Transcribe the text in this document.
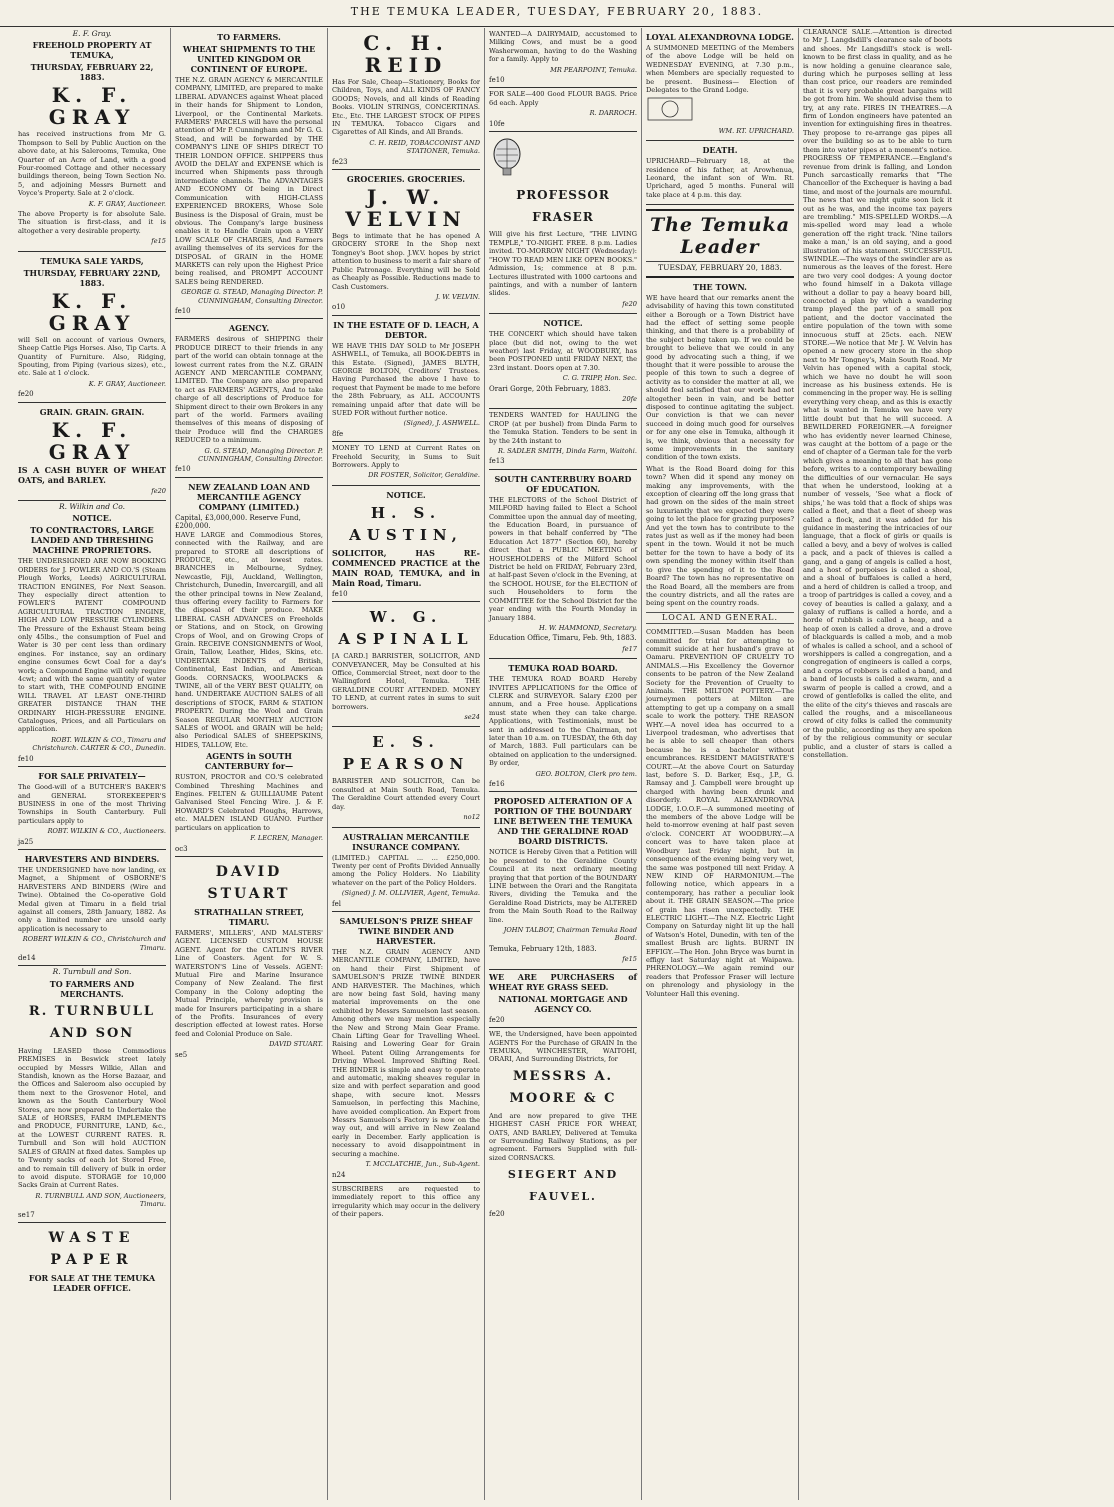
THE TEMUKA LEADER, TUESDAY, FEBRUARY 20, 1883.
E. F. Gray.
FREEHOLD PROPERTY AT TEMUKA,
THURSDAY, FEBRUARY 22, 1883.
K. F. GRAY

has received instructions from Mr G. Thompson to Sell by Public Auction on the above date, at his Salerooms, Temuka, One Quarter of an Acre of Land, with a good Four-roomed Cottage and other necessary buildings thereon, being Town Section No. 5, and adjoining Messrs Burnett and Voyce's Property. Sale at 2 o'clock.

K. F. GRAY, Auctioneer.

The above Property is for absolute Sale. The situation is first-class, and it is altogether a very desirable property.

fe15
TEMUKA SALE YARDS,
THURSDAY, FEBRUARY 22ND, 1883.
K. F. GRAY

will Sell on account of various Owners, Sheep Cattle Pigs Horses. Also, Tip Carts. A Quantity of Furniture. Also, Ridging, Spouting, from Piping (various sizes), etc., etc. Sale at 1 o'clock.

K. F. GRAY, Auctioneer.
fe20
GRAIN. GRAIN. GRAIN.
K. F. GRAY

IS A CASH BUYER OF WHEAT OATS, and BARLEY.

fe20
R. Wilkin and Co.
NOTICE.
TO CONTRACTORS, LARGE LANDED AND THRESHING MACHINE PROPRIETORS.

THE UNDERSIGNED ARE NOW BOOKING ORDERS for J. FOWLER AND CO.'S (Steam Plough Works, Leeds) AGRICULTURAL TRACTION ENGINES, For Next Season. They especially direct attention to FOWLER'S PATENT COMPOUND AGRICULTURAL TRACTION ENGINE, HIGH AND LOW PRESSURE CYLINDERS. The Pressure of the Exhaust Steam being only 45lbs., the consumption of Fuel and Water is 30 per cent less than ordinary engines. For instance, say an ordinary engine consumes 6cwt Coal for a day's work; a Compound Engine will only require 4cwt; and with the same quantity of water to start with, THE COMPOUND ENGINE WILL TRAVEL AT LEAST ONE-THIRD GREATER DISTANCE THAN THE ORDINARY HIGH-PRESSURE ENGINE. Catalogues, Prices, and all Particulars on application.

ROBT. WILKIN & CO., Timaru and Christchurch. CARTER & CO., Dunedin.
fe10
FOR SALE PRIVATELY—

The Good-will of a BUTCHER'S BAKER'S and GENERAL STOREKEEPER'S BUSINESS in one of the most Thriving Townships in South Canterbury. Full particulars apply to

ROBT. WILKIN & CO., Auctioneers.
ja25
HARVESTERS AND BINDERS.

THE UNDERSIGNED have now landing, ex Magnet, a Shipment of OSBORNE'S HARVESTERS AND BINDERS (Wire and Twine). Obtained the Co-operative Gold Medal given at Timaru in a field trial against all comers, 28th January, 1882. As only a limited number are unsold early application is necessary to

ROBERT WILKIN & CO., Christchurch and Timaru.
de14
R. Turnbull and Son.
TO FARMERS AND MERCHANTS.
R. TURNBULL AND SON

Having LEASED those Commodious PREMISES in Beswick street lately occupied by Messrs Wilkie, Allan and Standish, known as the Horse Bazaar, and the Offices and Saleroom also occupied by them next to the Grosvenor Hotel, and known as the South Canterbury Wool Stores, are now prepared to Undertake the SALE of HORSES, FARM IMPLEMENTS and PRODUCE, FURNITURE, LAND, &c., at the LOWEST CURRENT RATES. R. Turnbull and Son will hold AUCTION SALES of GRAIN at fixed dates. Samples up to Twenty sacks of each lot Stored Free, and to remain till delivery of bulk in order to avoid dispute. STORAGE for 10,000 Sacks Grain at Current Rates.

R. TURNBULL AND SON, Auctioneers, Timaru.
se17
WASTE PAPER
FOR SALE AT THE TEMUKA LEADER OFFICE.
TO FARMERS.
WHEAT SHIPMENTS TO THE UNITED KINGDOM OR CONTINENT OF EUROPE.

THE N.Z. GRAIN AGENCY & MERCANTILE COMPANY, LIMITED, are prepared to make LIBERAL ADVANCES against Wheat placed in their hands for Shipment to London, Liverpool, or the Continental Markets. FARMERS' PARCELS will have the personal attention of Mr P. Cunningham and Mr G. G. Stead, and will be forwarded by THE COMPANY'S LINE OF SHIPS DIRECT TO THEIR LONDON OFFICE. SHIPPERS thus AVOID the DELAY and EXPENSE which is incurred when Shipments pass through intermediate channels. The ADVANTAGES AND ECONOMY Of being in Direct Communication with HIGH-CLASS EXPERIENCED BROKERS, Whose Sole Business is the Disposal of Grain, must be obvious. The Company's large business enables it to Handle Grain upon a VERY LOW SCALE OF CHARGES, And Farmers availing themselves of its services for the DISPOSAL of GRAIN in the HOME MARKETS can rely upon the Highest Price being realised, and PROMPT ACCOUNT SALES being RENDERED.

GEORGE G. STEAD, Managing Director. P. CUNNINGHAM, Consulting Director.
fe10
AGENCY.

FARMERS desirous of SHIPPING their PRODUCE DIRECT to their friends in any part of the world can obtain tonnage at the lowest current rates from the N.Z. GRAIN AGENCY AND MERCANTILE COMPANY, LIMITED. The Company are also prepared to act as FARMERS' AGENTS, And to take charge of all descriptions of Produce for Shipment direct to their own Brokers in any part of the world. Farmers availing themselves of this means of disposing of their Produce will find the CHARGES REDUCED to a minimum.

G. G. STEAD, Managing Director. P. CUNNINGHAM, Consulting Director.
fe10
NEW ZEALAND LOAN AND MERCANTILE AGENCY COMPANY (LIMITED.)
Capital, £3,000,000. Reserve Fund, £200,000.

HAVE LARGE and Commodious Stores, connected with the Railway, and are prepared to STORE all descriptions of PRODUCE, etc., at lowest rates. BRANCHES in Melbourne, Sydney, Newcastle, Fiji, Auckland, Wellington, Christchurch, Dunedin, Invercargill, and all the other principal towns in New Zealand, thus offering every facility to Farmers for the disposal of their produce. MAKE LIBERAL CASH ADVANCES on Freeholds or Stations, and on Stock, on Growing Crops of Wool, and on Growing Crops of Grain. RECEIVE CONSIGNMENTS of Wool, Grain, Tallow, Leather, Hides, Skins, etc. UNDERTAKE INDENTS of British, Continental, East Indian, and American Goods. CORNSACKS, WOOLPACKS & TWINE, all of the VERY BEST QUALITY, on hand. UNDERTAKE AUCTION SALES of all descriptions of STOCK, FARM & STATION PROPERTY. During the Wool and Grain Season REGULAR MONTHLY AUCTION SALES of WOOL and GRAIN will be held; also Periodical SALES of SHEEPSKINS, HIDES, TALLOW, Etc.

AGENTS in SOUTH CANTERBURY for—

RUSTON, PROCTOR and CO.'S celebrated Combined Threshing Machines and Engines. FELTEN & GUILLIAUME Patent Galvanised Steel Fencing Wire. J. & F. HOWARD'S Celebrated Ploughs, Harrows, etc. MALDEN ISLAND GUANO. Further particulars on application to

F. LECREN, Manager.
oc3
DAVID STUART
STRATHALLAN STREET, TIMARU.

FARMERS', MILLERS', AND MALSTERS' AGENT. LICENSED CUSTOM HOUSE AGENT. Agent for the CATLIN'S RIVER Line of Coasters. Agent for W. S. WATERSTON'S Line of Vessels. AGENT: Mutual Fire and Marine Insurance Company of New Zealand. The first Company in the Colony adopting the Mutual Principle, whereby provision is made for Insurers participating in a share of the Profits. Insurances of every description effected at lowest rates. Horse feed and Colonial Produce on Sale.

DAVID STUART.
se5
C. H. REID

Has For Sale, Cheap—Stationery, Books for Children, Toys, and ALL KINDS OF FANCY GOODS; Novels, and all kinds of Reading Books. VIOLIN STRINGS, CONCERTINAS. Etc., Etc. THE LARGEST STOCK OF PIPES IN TEMUKA. Tobacco Cigars and Cigarettes of All Kinds, and All Brands.

C. H. REID, TOBACCONIST AND STATIONER, Temuka.
fe23
GROCERIES. GROCERIES.
J. W. VELVIN

Begs to intimate that he has opened A GROCERY STORE In the Shop next Tongney's Boot shop. J.W.V. hopes by strict attention to business to merit a fair share of Public Patronage. Everything will be Sold as Cheaply as Possible. Reductions made to Cash Customers.

J. W. VELVIN.
o10
IN THE ESTATE OF D. LEACH, A DEBTOR.

WE HAVE THIS DAY SOLD to Mr JOSEPH ASHWELL, of Temuka, all BOOK-DEBTS in this Estate. (Signed), JAMES BLYTH, GEORGE BOLTON, Creditors' Trustees. Having Purchased the above I have to request that Payment be made to me before the 28th February, as ALL ACCOUNTS remaining unpaid after that date will be SUED FOR without further notice.

(Signed), J. ASHWELL.
8fe

MONEY TO LEND at Current Rates on Freehold Security, in Sums to Suit Borrowers. Apply to

DR FOSTER, Solicitor, Geraldine.
NOTICE.
H. S. AUSTIN,

SOLICITOR, HAS RE-COMMENCED PRACTICE at the MAIN ROAD, TEMUKA, and in Main Road, Timaru.

fe10
W. G. ASPINALL

[A CARD.] BARRISTER, SOLICITOR, AND CONVEYANCER, May be Consulted at his Office, Commercial Street, next door to the Wallingford Hotel, Temuka. THE GERALDINE COURT ATTENDED. MONEY TO LEND, at current rates in sums to suit borrowers.

se24
E. S. PEARSON

BARRISTER AND SOLICITOR, Can be consulted at Main South Road, Temuka. The Geraldine Court attended every Court day.

no12
AUSTRALIAN MERCANTILE INSURANCE COMPANY.

(LIMITED.) CAPITAL ... ... £250,000. Twenty per cent of Profits Divided Annually among the Policy Holders. No Liability whatever on the part of the Policy Holders.

(Signed) J. M. OLLIVIER, Agent, Temuka.
fel
SAMUELSON'S PRIZE SHEAF TWINE BINDER AND HARVESTER.

THE N.Z. GRAIN AGENCY AND MERCANTILE COMPANY, LIMITED, have on hand their First Shipment of SAMUELSON'S PRIZE TWINE BINDER AND HARVESTER. The Machines, which are now being fast Sold, having many material improvements on the one exhibited by Messrs Samuelson last season. Among others we may mention especially the New and Strong Main Gear Frame. Chain Lifting Gear for Travelling Wheel. Raising and Lowering Gear for Grain Wheel. Patent Oiling Arrangements for Driving Wheel. Improved Shifting Reel. THE BINDER is simple and easy to operate and automatic, making sheaves regular in size and with perfect separation and good shape, with secure knot. Messrs Samuelson, in perfecting this Machine, have avoided complication. An Expert from Messrs Samuelson's Factory is now on the way out, and will arrive in New Zealand early in December. Early application is necessary to avoid disappointment in securing a machine.

T. MCCLATCHIE, Jun., Sub-Agent.
n24

SUBSCRIBERS are requested to immediately report to this office any irregularity which may occur in the delivery of their papers.

WANTED—A DAIRYMAID, accustomed to Milking Cows, and must be a good Washerwoman, having to do the Washing for a family. Apply to

MR PEARPOINT, Temuka.
fe10

FOR SALE—400 Good FLOUR BAGS. Price 6d each. Apply

R. DARROCH.
10fe
PROFESSOR FRASER

Will give his first Lecture, "THE LIVING TEMPLE," TO-NIGHT. FREE. 8 p.m. Ladies invited. TO-MORROW NIGHT (Wednesday): "HOW TO READ MEN LIKE OPEN BOOKS." Admission, 1s; commence at 8 p.m. Lectures illustrated with 1000 cartoons and paintings, and with a number of lantern slides.

fe20
NOTICE.

THE CONCERT which should have taken place (but did not, owing to the wet weather) last Friday, at WOODBURY, has been POSTPONED until FRIDAY NEXT, the 23rd instant. Doors open at 7.30.

C. G. TRIPP, Hon. Sec.
Orari Gorge, 20th February, 1883.
20fe

TENDERS WANTED for HAULING the CROP (at per bushel) from Dinda Farm to the Temuka Station. Tenders to be sent in by the 24th instant to

R. SADLER SMITH, Dinda Farm, Waitohi.
fe13
SOUTH CANTERBURY BOARD OF EDUCATION.

THE ELECTORS of the School District of MILFORD having failed to Elect a School Committee upon the annual day of meeting, the Education Board, in pursuance of powers in that behalf conferred by "The Education Act 1877" (Section 60), hereby direct that a PUBLIC MEETING of HOUSEHOLDERS of the Milford School District be held on FRIDAY, February 23rd, at half-past Seven o'clock in the Evening, at the SCHOOL HOUSE, for the ELECTION of such Householders to form the COMMITTEE for the School District for the year ending with the Fourth Monday in January 1884.

H. W. HAMMOND, Secretary.
Education Office, Timaru, Feb. 9th, 1883.
fe17
TEMUKA ROAD BOARD.

THE TEMUKA ROAD BOARD Hereby INVITES APPLICATIONS for the Office of CLERK and SURVEYOR. Salary £200 per annum, and a Free house. Applications must state when they can take charge. Applications, with Testimonials, must be sent in addressed to the Chairman, not later than 10 a.m. on TUESDAY, the 6th day of March, 1883. Full particulars can be obtained on application to the undersigned. By order,

GEO. BOLTON, Clerk pro tem.
fe16
PROPOSED ALTERATION OF A PORTION OF THE BOUNDARY LINE BETWEEN THE TEMUKA AND THE GERALDINE ROAD BOARD DISTRICTS.

NOTICE is Hereby Given that a Petition will be presented to the Geraldine County Council at its next ordinary meeting praying that that portion of the BOUNDARY LINE between the Orari and the Rangitata Rivers, dividing the Temuka and the Geraldine Road Districts, may be ALTERED from the Main South Road to the Railway line.

JOHN TALBOT, Chairman Temuka Road Board.
Temuka, February 12th, 1883.
fe15

WE ARE PURCHASERS of WHEAT RYE GRASS SEED.

NATIONAL MORTGAGE AND AGENCY CO.
fe20

WE, the Undersigned, have been appointed AGENTS For the Purchase of GRAIN In the TEMUKA, WINCHESTER, WAITOHI, ORARI, And Surrounding Districts, for

MESSRS A. MOORE & C

And are now prepared to give THE HIGHEST CASH PRICE FOR WHEAT, OATS, AND BARLEY, Delivered at Temuka or Surrounding Railway Stations, as per agreement. Farmers Supplied with full-sized CORNSACKS.

SIEGERT AND FAUVEL.
fe20
LOYAL ALEXANDROVNA LODGE.

A SUMMONED MEETING of the Members of the above Lodge will be held on WEDNESDAY EVENING, at 7.30 p.m., when Members are specially requested to be present. Business— Election of Delegates to the Grand Lodge.

WM. RT. UPRICHARD.
DEATH.

UPRICHARD—February 18, at the residence of his father, at Arowhenua, Leonard, the infant son of Wm. Rt. Uprichard, aged 5 months. Funeral will take place at 4 p.m. this day.

The Temuka Leader
TUESDAY, FEBRUARY 20, 1883.
THE TOWN.

WE have heard that our remarks anent the advisability of having this town constituted either a Borough or a Town District have had the effect of setting some people thinking, and that there is a probability of the subject being taken up. If we could be brought to believe that we could in any good by advocating such a thing, if we thought that it were possible to arouse the people of this town to such a degree of activity as to consider the matter at all, we should feel satisfied that our work had not altogether been in vain, and be better disposed to continue agitating the subject. Our conviction is that we can never succeed in doing much good for ourselves or for any one else in Temuka, although it is, we think, obvious that a necessity for some improvements in the sanitary condition of the town exists.

What is the Road Board doing for this town? When did it spend any money on making any improvements, with the exception of clearing off the long grass that had grown on the sides of the main street so luxuriantly that we expected they were going to let the place for grazing purposes? And yet the town has to contribute to the rates just as well as if the money had been spent in the town. Would it not be much better for the town to have a body of its own spending the money within itself than to give the spending of it to the Road Board? The town has no representative on the Road Board, all the members are from the country districts, and all the rates are being spent on the country roads.

LOCAL AND GENERAL.

COMMITTED.—Susan Madden has been committed for trial for attempting to commit suicide at her husband's grave at Oamaru. PREVENTION OF CRUELTY TO ANIMALS.—His Excellency the Governor consents to be patron of the New Zealand Society for the Prevention of Cruelty to Animals. THE MILTON POTTERY.—The journeymen potters at Milton are attempting to get up a company on a small scale to work the pottery. THE REASON WHY.—A novel idea has occurred to a Liverpool tradesman, who advertises that he is able to sell cheaper than others because he is a bachelor without encumbrances. RESIDENT MAGISTRATE'S COURT.—At the above Court on Saturday last, before S. D. Barker, Esq., J.P., G. Ramsay and J. Campbell were brought up charged with having been drunk and disorderly. ROYAL ALEXANDROVNA LODGE, I.O.O.F.—A summoned meeting of the members of the above Lodge will be held to-morrow evening at half past seven o'clock. CONCERT AT WOODBURY.—A concert was to have taken place at Woodbury last Friday night, but in consequence of the evening being very wet, the same was postponed till next Friday. A NEW KIND OF HARMONIUM.—The following notice, which appears in a contemporary, has rather a peculiar look about it. THE GRAIN SEASON.—The price of grain has risen unexpectedly. THE ELECTRIC LIGHT.—The N.Z. Electric Light Company on Saturday night lit up the hall of Watson's Hotel, Dunedin, with ten of the smallest Brush arc lights. BURNT IN EFFIGY.—The Hon. John Bryce was burnt in effigy last Saturday night at Waipawa. PHRENOLOGY.—We again remind our readers that Professor Fraser will lecture on phrenology and physiology in the Volunteer Hall this evening.

CLEARANCE SALE.—Attention is directed to Mr J. Langdsdill's clearance sale of boots and shoes. Mr Langsdill's stock is well-known to be first class in quality, and as he is now holding a genuine clearance sale, during which he purposes selling at less than cost price, our readers are reminded that it is very probable great bargains will be got from him. We should advise them to try, at any rate. FIRES IN THEATRES.—A firm of London engineers have patented an invention for extinguishing fires in theatres. They propose to re-arrange gas pipes all over the building so as to be able to turn them into water pipes at a moment's notice. PROGRESS OF TEMPERANCE.—England's revenue from drink is falling, and London Punch sarcastically remarks that "The Chancellor of the Exchequer is having a bad time, and most of the journals are mournful. The news that we might quite soon lick it out as he was, and the income tax payers are trembling." MIS-SPELLED WORDS.—A mis-spelled word may lead a whole generation off the right track. 'Nine tailors make a man,' is an old saying, and a good illustration of his statement. SUCCESSFUL SWINDLE.—The ways of the swindler are as numerous as the leaves of the forest. Here are two very cool dodges: A young doctor who found himself in a Dakota village without a dollar to pay a heavy board bill, concocted a plan by which a wandering tramp played the part of a small pox patient, and the doctor vaccinated the entire population of the town with some innocuous stuff at 25cts. each. NEW STORE.—We notice that Mr J. W. Velvin has opened a new grocery store in the shop next to Mr Tongney's, Main South Road. Mr Velvin has opened with a capital stock, which we have no doubt he will soon increase as his business extends. He is commencing in the proper way. He is selling everything very cheap, and as this is exactly what is wanted in Temuka we have very little doubt but that he will succeed. A BEWILDERED FOREIGNER.—A foreigner who has evidently never learned Chinese, was caught at the bottom of a page or the end of chapter of a German tale for the verb which gives a meaning to all that has gone before, writes to a contemporary bewailing the difficulties of our vernacular. He says that when he understood, looking at a number of vessels, 'See what a flock of ships,' he was told that a flock of ships was called a fleet, and that a fleet of sheep was called a flock, and it was added for his guidance in mastering the intricacies of our language, that a flock of girls or quails is called a bevy, and a bevy of wolves is called a pack, and a pack of thieves is called a gang, and a gang of angels is called a host, and a host of porpoises is called a shoal, and a shoal of buffaloes is called a herd, and a herd of children is called a troop, and a troop of partridges is called a covey, and a covey of beauties is called a galaxy, and a galaxy of ruffians is called a horde, and a horde of rubbish is called a heap, and a heap of oxen is called a drove, and a drove of blackguards is called a mob, and a mob of whales is called a school, and a school of worshippers is called a congregation, and a congregation of engineers is called a corps, and a corps of robbers is called a band, and a band of locusts is called a swarm, and a swarm of people is called a crowd, and a crowd of gentlefolks is called the elite, and the elite of the city's thieves and rascals are called the roughs, and a miscellaneous crowd of city folks is called the community or the public, according as they are spoken of by the religious community or secular public, and a cluster of stars is called a constellation.
